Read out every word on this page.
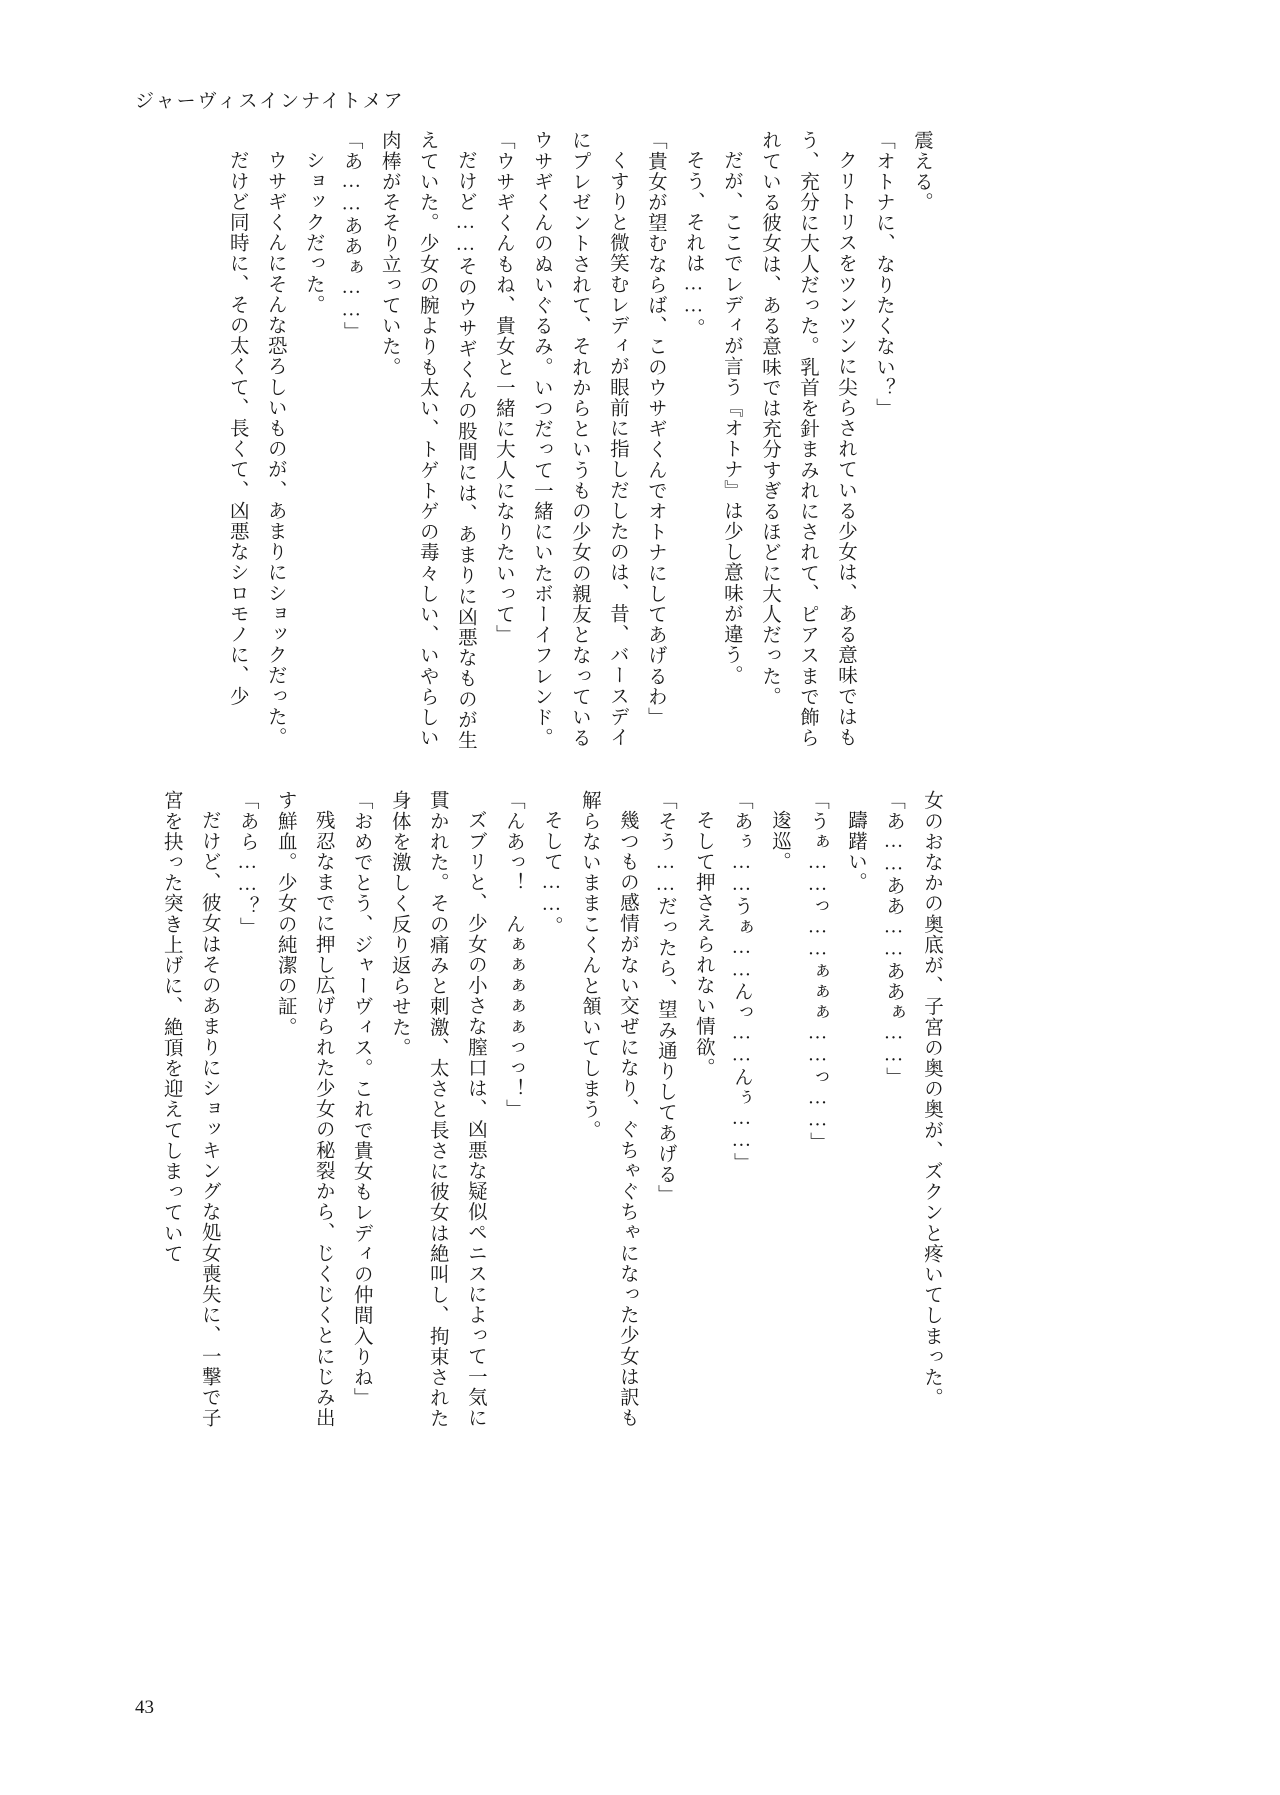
ジャーヴィスインナイトメア

震える。

「オトナに、なりたくない？」

クリトリスをツンツンに尖らされている少女は、ある意味ではもう、充分に大人だった。乳首を針まみれにされて、ピアスまで飾られている彼女は、ある意味では充分すぎるほどに大人だった。

だが、ここでレディが言う『オトナ』は少し意味が違う。

そう、それは……。

「貴女が望むならば、このウサギくんでオトナにしてあげるわ」

くすりと微笑むレディが眼前に指しだしたのは、昔、バースデイにプレゼントされて、それからというもの少女の親友となっているウサギくんのぬいぐるみ。いつだって一緒にいたボーイフレンド。

「ウサギくんもね、貴女と一緒に大人になりたいって」

だけど……そのウサギくんの股間には、あまりに凶悪なものが生えていた。少女の腕よりも太い、トゲトゲの毒々しい、いやらしい肉棒がそそり立っていた。

「あ……ああぁ……」

ショックだった。

ウサギくんにそんな恐ろしいものが、あまりにショックだった。

だけど同時に、その太くて、長くて、凶悪なシロモノに、少

女のおなかの奥底が、子宮の奥の奥が、ズクンと疼いてしまった。

「あ……ああ……ああぁ……」

躊躇い。

「うぁ……っ……ぁぁぁ……っ……」

逡巡。

「あぅ……うぁ……んっ……んぅ……」

そして押さえられない情欲。

「そう……だったら、望み通りしてあげる」

幾つもの感情がない交ぜになり、ぐちゃぐちゃになった少女は訳も解らないままこくんと頷いてしまう。

そして……。

「んあっ！　んぁぁぁぁぁっっ！」

ズブリと、少女の小さな膣口は、凶悪な疑似ペニスによって一気に貫かれた。その痛みと刺激、太さと長さに彼女は絶叫し、拘束された身体を激しく反り返らせた。

「おめでとう、ジャーヴィス。これで貴女もレディの仲間入りね」

残忍なまでに押し広げられた少女の秘裂から、じくじくとにじみ出す鮮血。少女の純潔の証。

「あら……？」

だけど、彼女はそのあまりにショッキングな処女喪失に、一撃で子宮を抉った突き上げに、絶頂を迎えてしまっていて

43
